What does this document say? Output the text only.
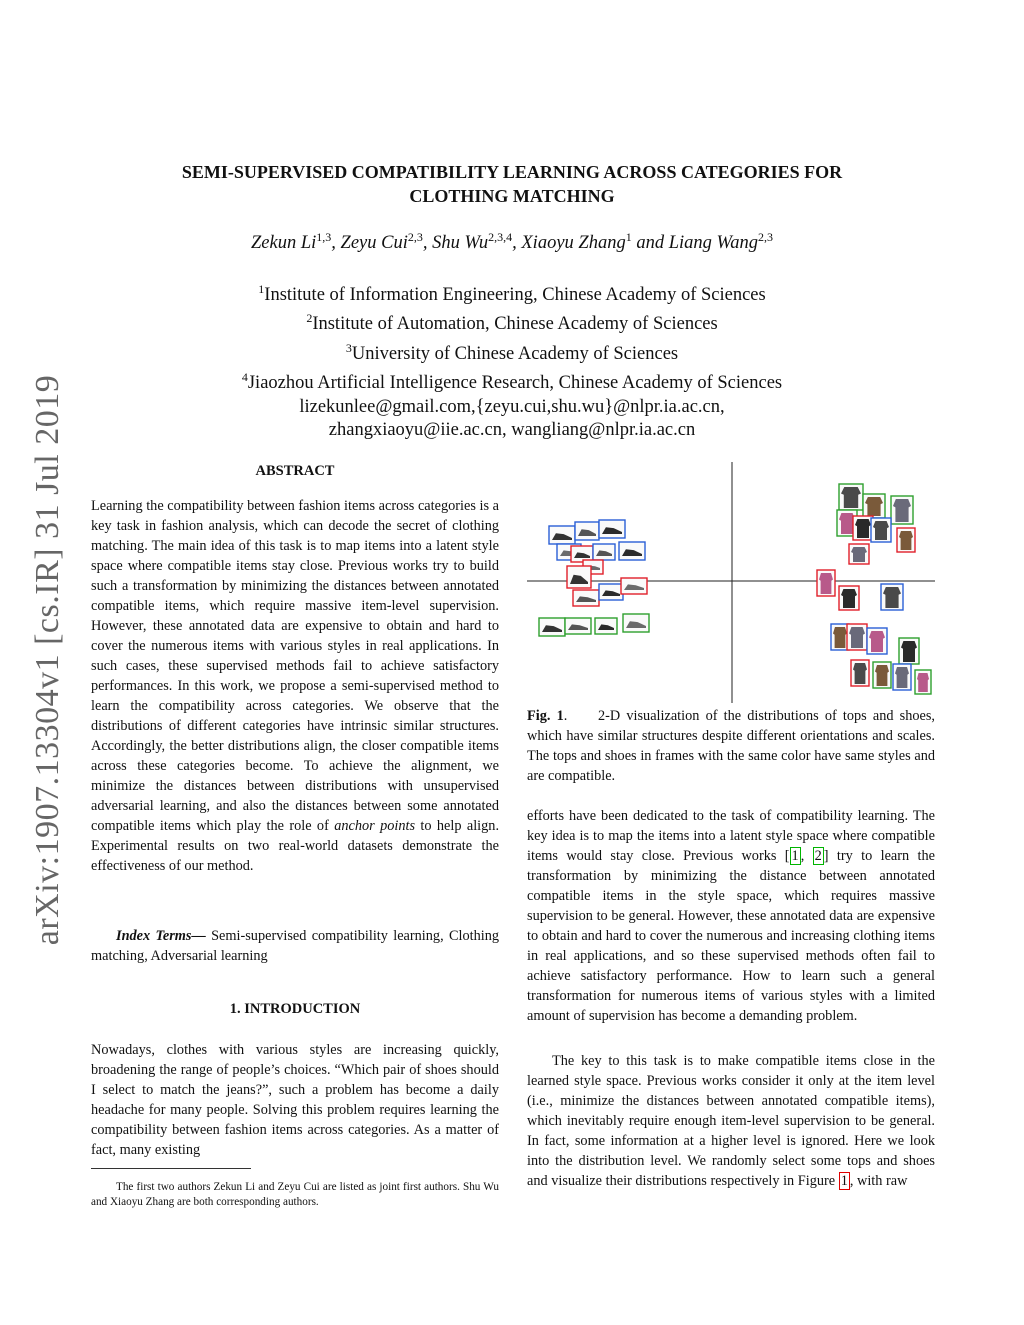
arXiv:1907.13304v1 [cs.IR] 31 Jul 2019
SEMI-SUPERVISED COMPATIBILITY LEARNING ACROSS CATEGORIES FOR
CLOTHING MATCHING
Zekun Li$^{1,3}$, Zeyu Cui$^{2,3}$, Shu Wu$^{2,3,4}$, Xiaoyu Zhang$^1$ and Liang Wang$^{2,3}$
$^1$Institute of Information Engineering, Chinese Academy of Sciences
$^2$Institute of Automation, Chinese Academy of Sciences
$^3$University of Chinese Academy of Sciences
$^4$Jiaozhou Artificial Intelligence Research, Chinese Academy of Sciences
lizekunlee@gmail.com,{zeyu.cui,shu.wu}@nlpr.ia.ac.cn,
zhangxiaoyu@iie.ac.cn, wangliang@nlpr.ia.ac.cn
ABSTRACT

Learning the compatibility between fashion items across categories is a key task in fashion analysis, which can decode the secret of clothing matching. The main idea of this task is to map items into a latent style space where compatible items stay close. Previous works try to build such a transformation by minimizing the distances between annotated compatible items, which require massive item-level supervision. However, these annotated data are expensive to obtain and hard to cover the numerous items with various styles in real applications. In such cases, these supervised methods fail to achieve satisfactory performances. In this work, we propose a semi-supervised method to learn the compatibility across categories. We observe that the distributions of different categories have intrinsic similar structures. Accordingly, the better distributions align, the closer compatible items across these categories become. To achieve the alignment, we minimize the distances between distributions with unsupervised adversarial learning, and also the distances between some annotated compatible items which play the role of anchor points to help align. Experimental results on two real-world datasets demonstrate the effectiveness of our method.

Index Terms— Semi-supervised compatibility learning, Clothing matching, Adversarial learning
1. INTRODUCTION

Nowadays, clothes with various styles are increasing quickly, broadening the range of people’s choices. “Which pair of shoes should I select to match the jeans?”, such a problem has become a daily headache for many people. Solving this problem requires learning the compatibility between fashion items across categories. As a matter of fact, many existing

The first two authors Zekun Li and Zeyu Cui are listed as joint first authors. Shu Wu and Xiaoyu Zhang are both corresponding authors.
Fig. 1. 2-D visualization of the distributions of tops and shoes, which have similar structures despite different orientations and scales. The tops and shoes in frames with the same color have same styles and are compatible.

efforts have been dedicated to the task of compatibility learning. The key idea is to map the items into a latent style space where compatible items would stay close. Previous works [ 1 , 2 ] try to learn the transformation by minimizing the distance between annotated compatible items in the style space, which requires massive supervision to be general. However, these annotated data are expensive to obtain and hard to cover the numerous and increasing clothing items in real applications, and so these supervised methods often fail to achieve satisfactory performance. How to learn such a general transformation for numerous items of various styles with a limited amount of supervision has become a demanding problem.

The key to this task is to make compatible items close in the learned style space. Previous works consider it only at the item level (i.e., minimize the distances between annotated compatible items), which inevitably require enough item-level supervision to be general. In fact, some information at a higher level is ignored. Here we look into the distribution level. We randomly select some tops and shoes and visualize their distributions respectively in Figure 1 , with raw
